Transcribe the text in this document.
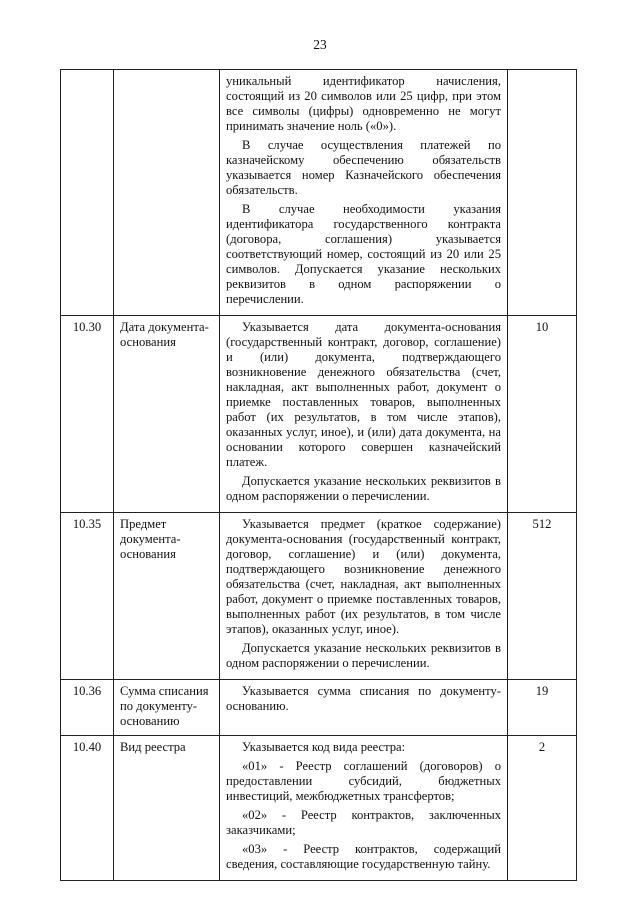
23

		уникальный идентификатор начисления, состоящий из 20 символов или 25 цифр, при этом все символы (цифры) одновременно не могут принимать значение ноль («0»).

В случае осуществления платежей по казначейскому обеспечению обязательств указывается номер Казначейского обеспечения обязательств.

В случае необходимости указания идентификатора государственного контракта (договора, соглашения) указывается соответствующий номер, состоящий из 20 или 25 символов. Допускается указание нескольких реквизитов в одном распоряжении о перечислении.	

10.30	Дата документа-основания	Указывается дата документа-основания (государственный контракт, договор, соглашение) и (или) документа, подтверждающего возникновение денежного обязательства (счет, накладная, акт выполненных работ, документ о приемке поставленных товаров, выполненных работ (их результатов, в том числе этапов), оказанных услуг, иное), и (или) дата документа, на основании которого совершен казначейский платеж.

Допускается указание нескольких реквизитов в одном распоряжении о перечислении.	10
10.35	Предмет документа-основания	Указывается предмет (краткое содержание) документа-основания (государственный контракт, договор, соглашение) и (или) документа, подтверждающего возникновение денежного обязательства (счет, накладная, акт выполненных работ, документ о приемке поставленных товаров, выполненных работ (их результатов, в том числе этапов), оказанных услуг, иное).

Допускается указание нескольких реквизитов в одном распоряжении о перечислении.	512
10.36	Сумма списания по документу-основанию	Указывается сумма списания по документу-основанию.	19
10.40	Вид реестра	Указывается код вида реестра:

«01» - Реестр соглашений (договоров) о предоставлении субсидий, бюджетных инвестиций, межбюджетных трансфертов;

«02» - Реестр контрактов, заключенных заказчиками;

«03» - Реестр контрактов, содержащий сведения, составляющие государственную тайну.	2
